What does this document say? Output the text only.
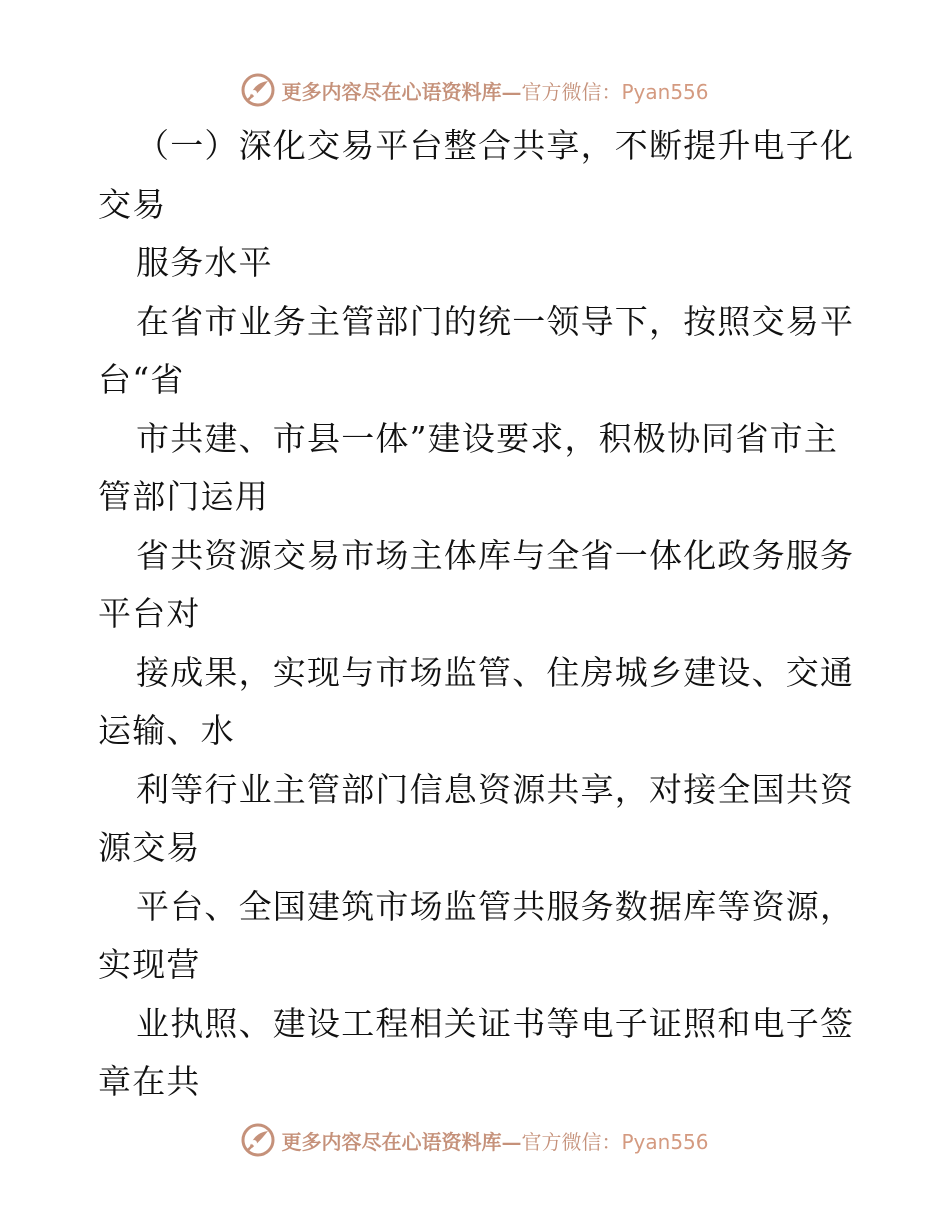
更多内容尽在心语资料库—官方微信：Pyan556
（一）深化交易平台整合共享，不断提升电子化
交易
服务水平
在省市业务主管部门的统一领导下，按照交易平
台“省
市共建、市县一体”建设要求，积极协同省市主
管部门运用
省共资源交易市场主体库与全省一体化政务服务
平台对
接成果，实现与市场监管、住房城乡建设、交通
运输、水
利等行业主管部门信息资源共享，对接全国共资
源交易
平台、全国建筑市场监管共服务数据库等资源，
实现营
业执照、建设工程相关证书等电子证照和电子签
章在共
更多内容尽在心语资料库—官方微信：Pyan556
